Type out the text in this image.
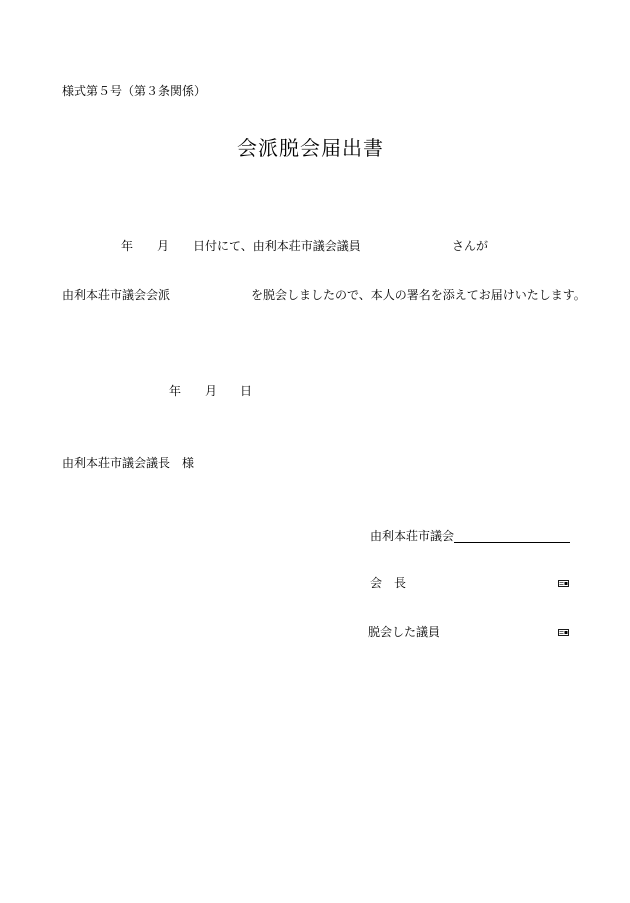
様式第５号（第３条関係）
会派脱会届出書
年 月 日付にて、由利本荘市議会議員	さんが
由利本荘市議会会派	を脱会しましたので、本人の署名を添えてお届けいたします。
年 月 日
由利本荘市議会議長　様
由利本荘市議会
会　長
脱会した議員
